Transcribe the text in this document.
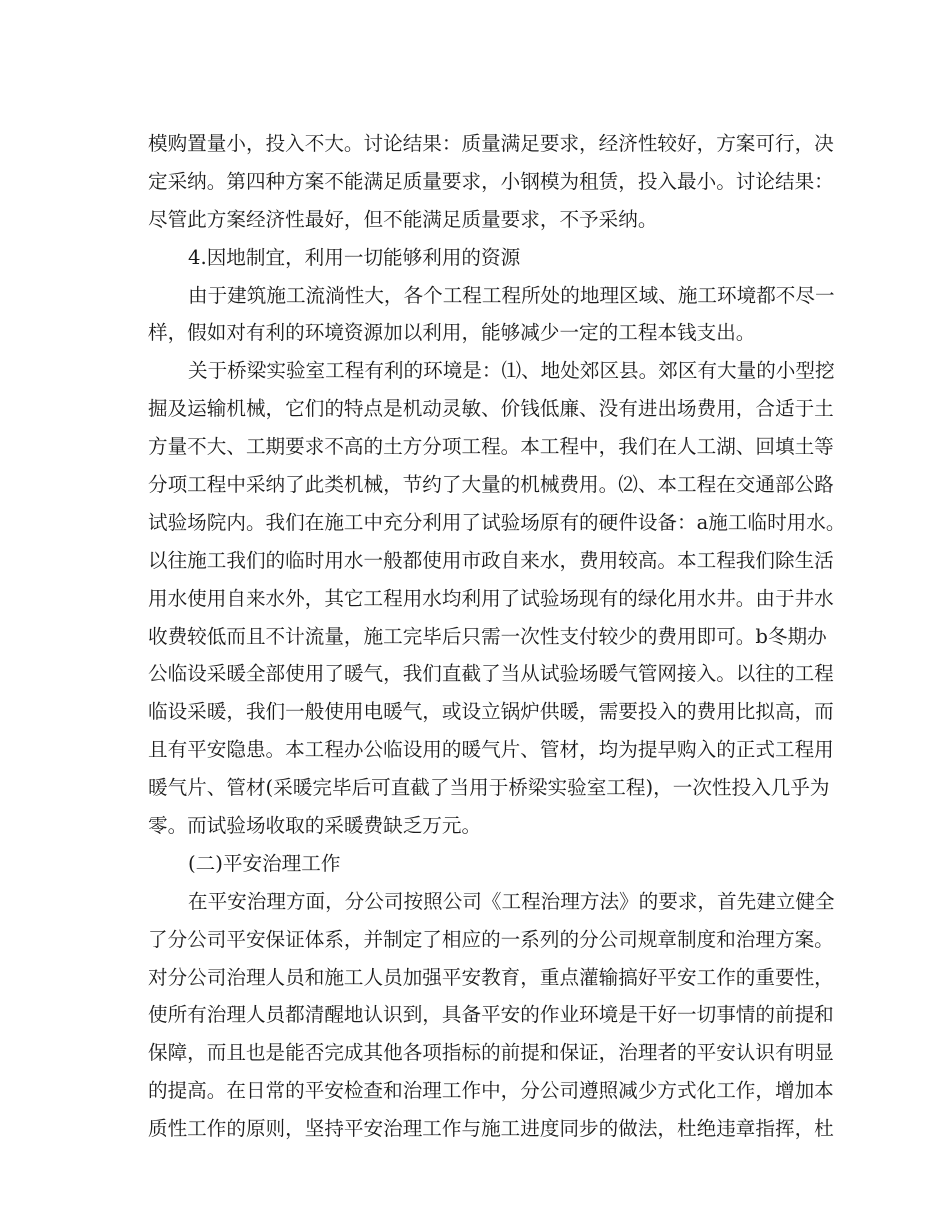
模购置量小，投入不大。讨论结果：质量满足要求，经济性较好，方案可行，决
定采纳。第四种方案不能满足质量要求，小钢模为租赁，投入最小。讨论结果：
尽管此方案经济性最好，但不能满足质量要求，不予采纳。
4.因地制宜，利用一切能够利用的资源
由于建筑施工流淌性大，各个工程工程所处的地理区域、施工环境都不尽一
样，假如对有利的环境资源加以利用，能够减少一定的工程本钱支出。
关于桥梁实验室工程有利的环境是：⑴、地处郊区县。郊区有大量的小型挖
掘及运输机械，它们的特点是机动灵敏、价钱低廉、没有进出场费用，合适于土
方量不大、工期要求不高的土方分项工程。本工程中，我们在人工湖、回填土等
分项工程中采纳了此类机械，节约了大量的机械费用。⑵、本工程在交通部公路
试验场院内。我们在施工中充分利用了试验场原有的硬件设备：a施工临时用水。
以往施工我们的临时用水一般都使用市政自来水，费用较高。本工程我们除生活
用水使用自来水外，其它工程用水均利用了试验场现有的绿化用水井。由于井水
收费较低而且不计流量，施工完毕后只需一次性支付较少的费用即可。b冬期办
公临设采暖全部使用了暖气，我们直截了当从试验场暖气管网接入。以往的工程
临设采暖，我们一般使用电暖气，或设立锅炉供暖，需要投入的费用比拟高，而
且有平安隐患。本工程办公临设用的暖气片、管材，均为提早购入的正式工程用
暖气片、管材(采暖完毕后可直截了当用于桥梁实验室工程)，一次性投入几乎为
零。而试验场收取的采暖费缺乏万元。
(二)平安治理工作
在平安治理方面，分公司按照公司《工程治理方法》的要求，首先建立健全
了分公司平安保证体系，并制定了相应的一系列的分公司规章制度和治理方案。
对分公司治理人员和施工人员加强平安教育，重点灌输搞好平安工作的重要性，
使所有治理人员都清醒地认识到，具备平安的作业环境是干好一切事情的前提和
保障，而且也是能否完成其他各项指标的前提和保证，治理者的平安认识有明显
的提高。在日常的平安检查和治理工作中，分公司遵照减少方式化工作，增加本
质性工作的原则，坚持平安治理工作与施工进度同步的做法，杜绝违章指挥，杜
